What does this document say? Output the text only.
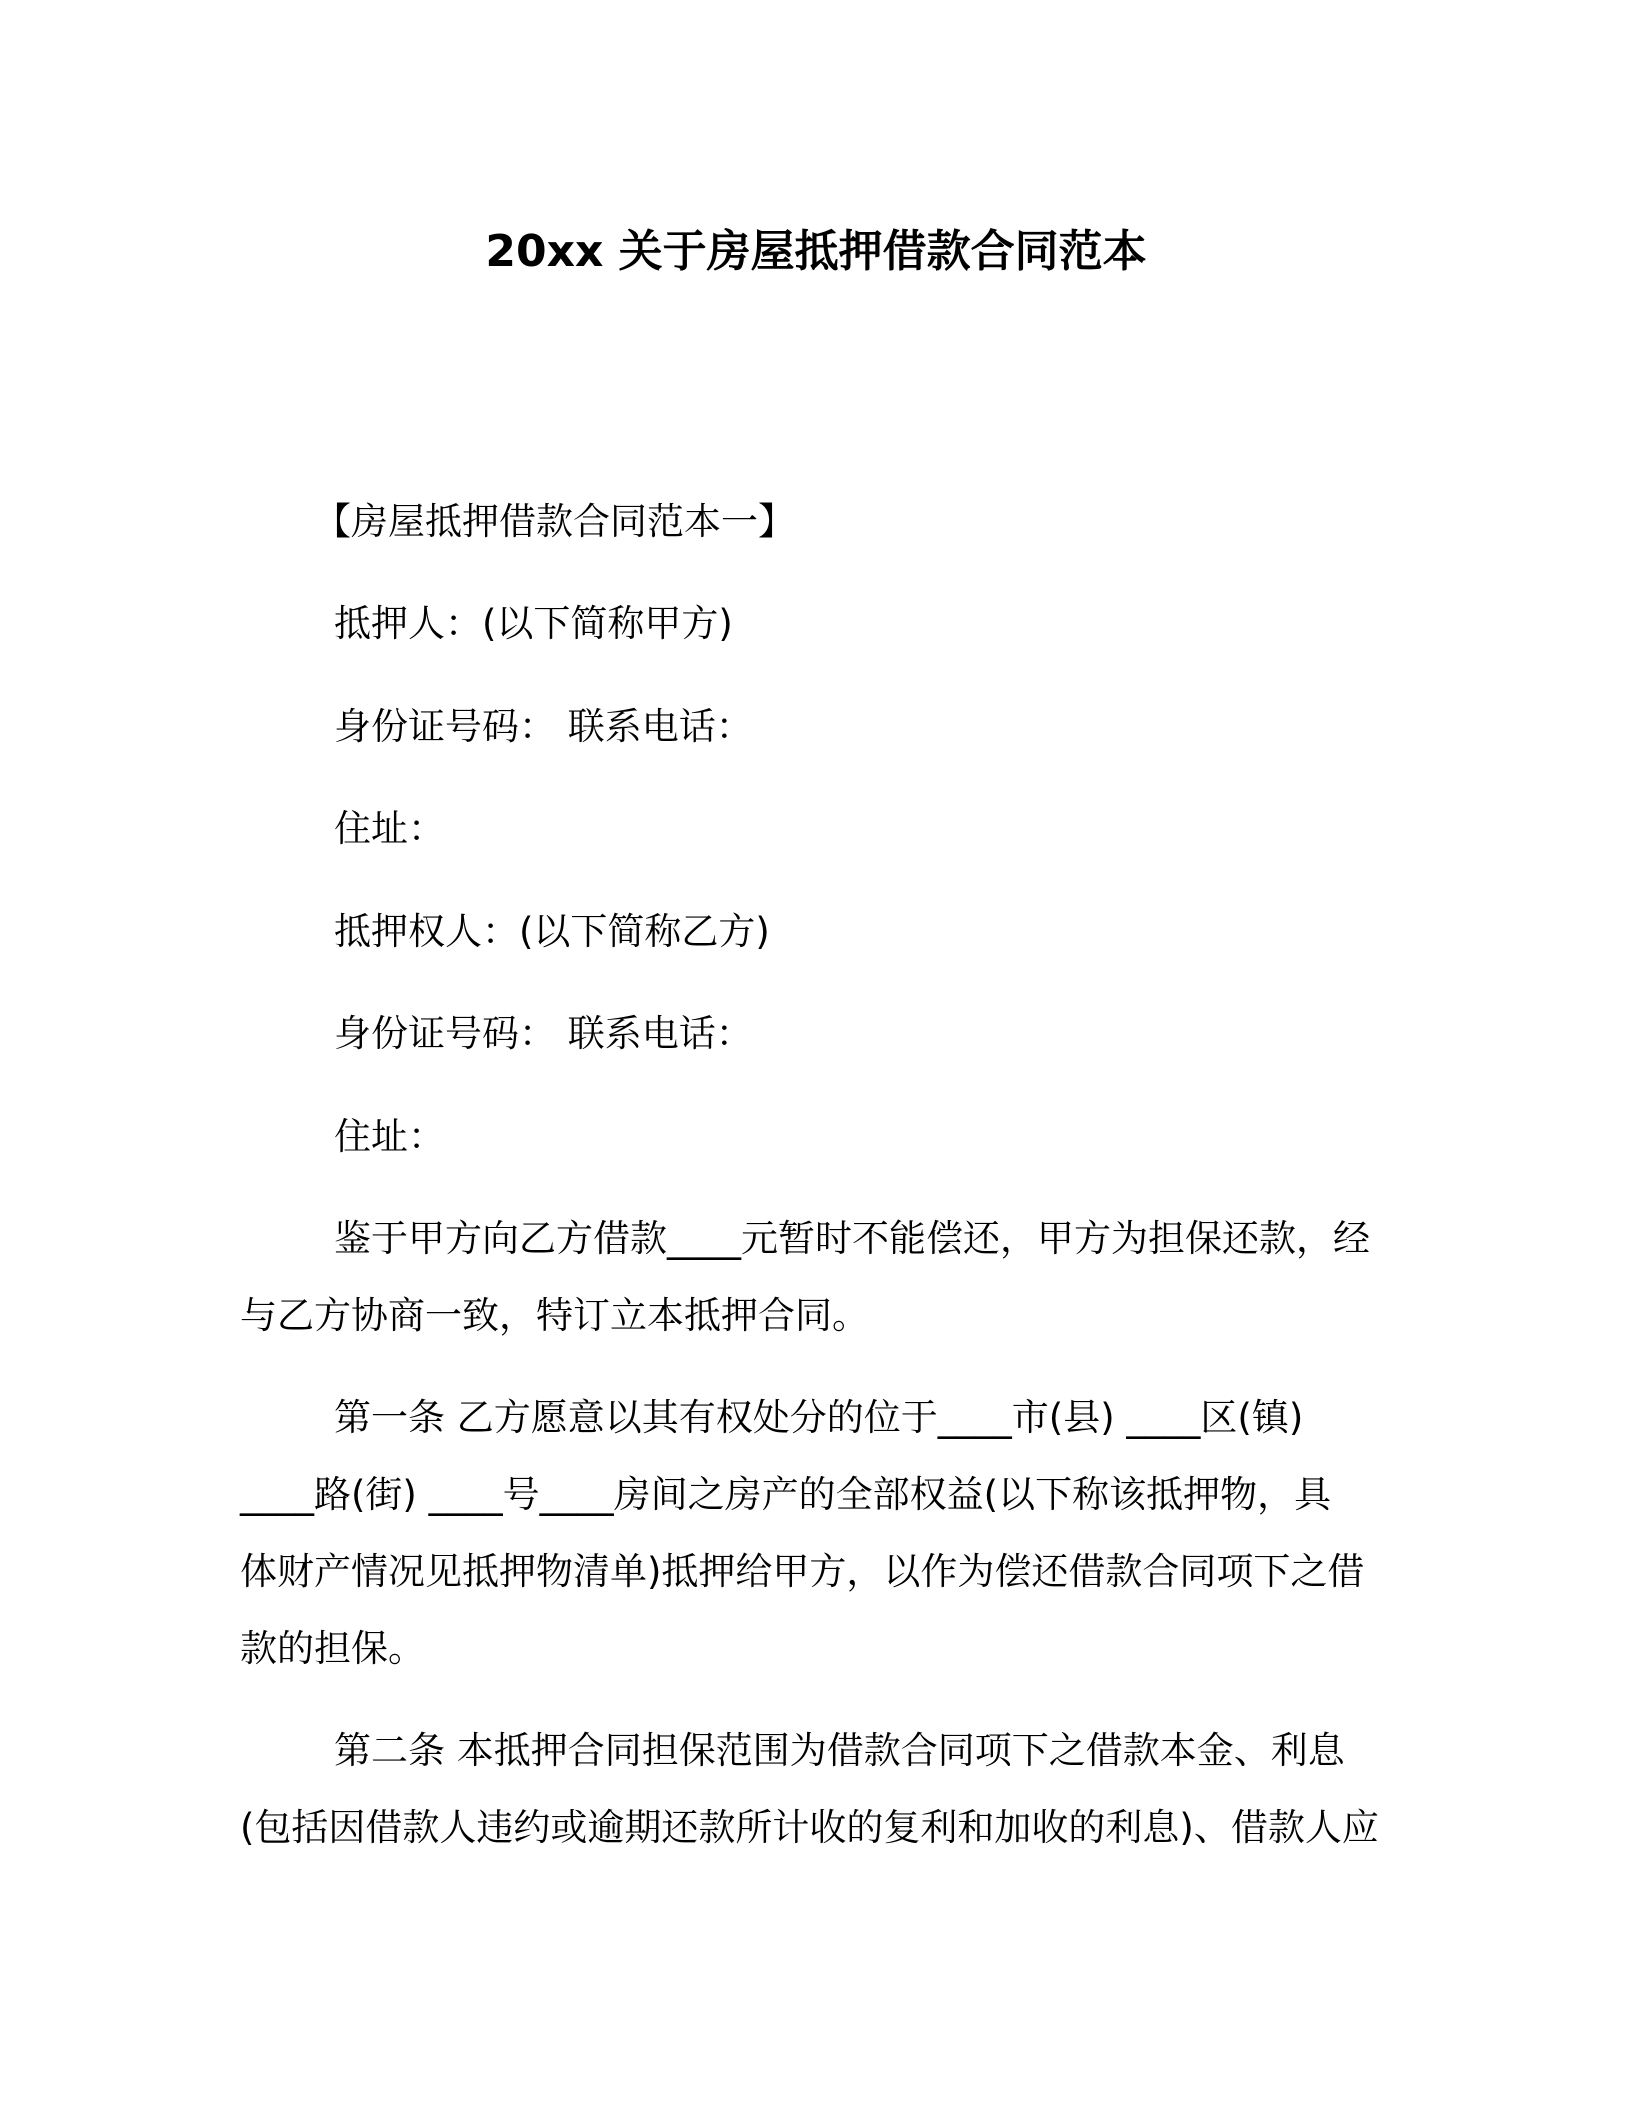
20xx 关于房屋抵押借款合同范本
【房屋抵押借款合同范本一】
抵押人：(以下简称甲方)
身份证号码： 联系电话：
住址：
抵押权人：(以下简称乙方)
身份证号码： 联系电话：
住址：
鉴于甲方向乙方借款____元暂时不能偿还，甲方为担保还款，经
与乙方协商一致，特订立本抵押合同。
第一条 乙方愿意以其有权处分的位于____市(县) ____区(镇)
____路(街) ____号____房间之房产的全部权益(以下称该抵押物，具
体财产情况见抵押物清单)抵押给甲方，以作为偿还借款合同项下之借
款的担保。
第二条 本抵押合同担保范围为借款合同项下之借款本金、利息
(包括因借款人违约或逾期还款所计收的复利和加收的利息)、借款人应
